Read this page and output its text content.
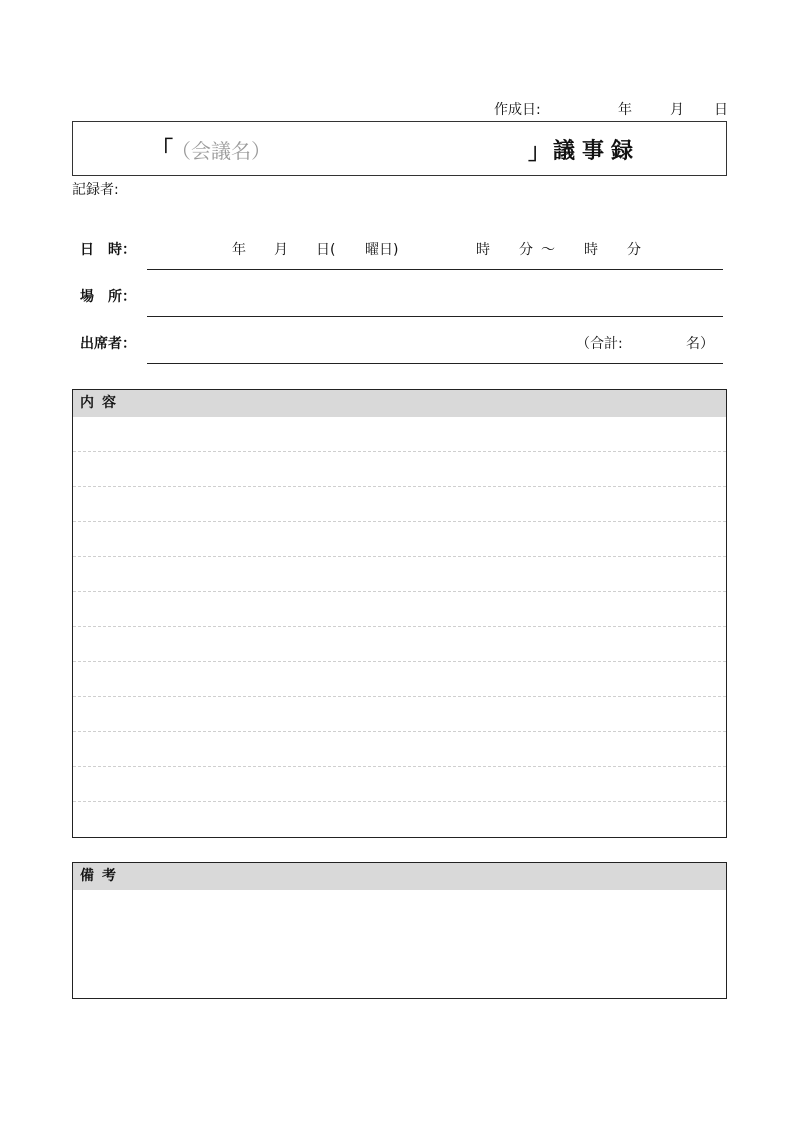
作成日:	年	月 日
「
（会議名）	」 議事録
記録者:
日　時：	年 月 日( 曜日)	時 分 ～ 時 分
場　所：
出席者：	（合計:	名）
内容
備考
